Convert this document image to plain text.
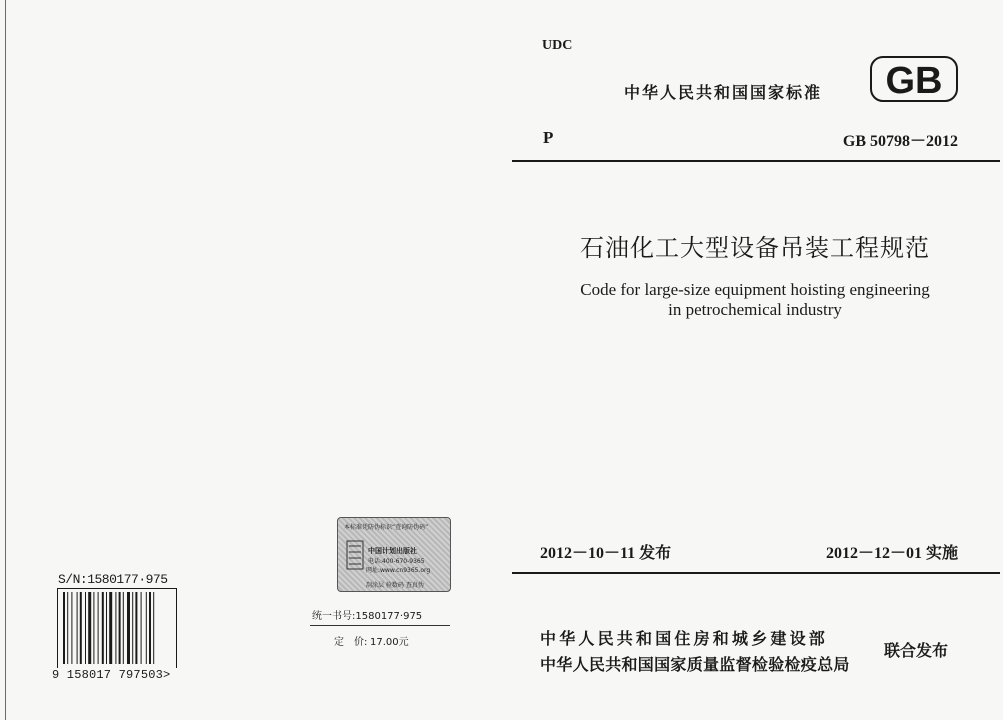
UDC
中华人民共和国国家标准 GB
P	GB 50798－2012
石油化工大型设备吊装工程规范
Code for large-size equipment hoisting engineering
in petrochemical industry
2012－10－11 发布	2012－12－01 实施
中华人民共和国住房和城乡建设部
中华人民共和国国家质量监督检验检疫总局
联合发布
本标准凭防伪标识“查询防伪码”
中国计划出版社
电话:400-670-9365
网址:www.cn9365.org
刮涂层 验数码 查真伪
统一书号:1580177·975
定　价: 17.00元
S/N:1580177·975
9 158017 797503>
